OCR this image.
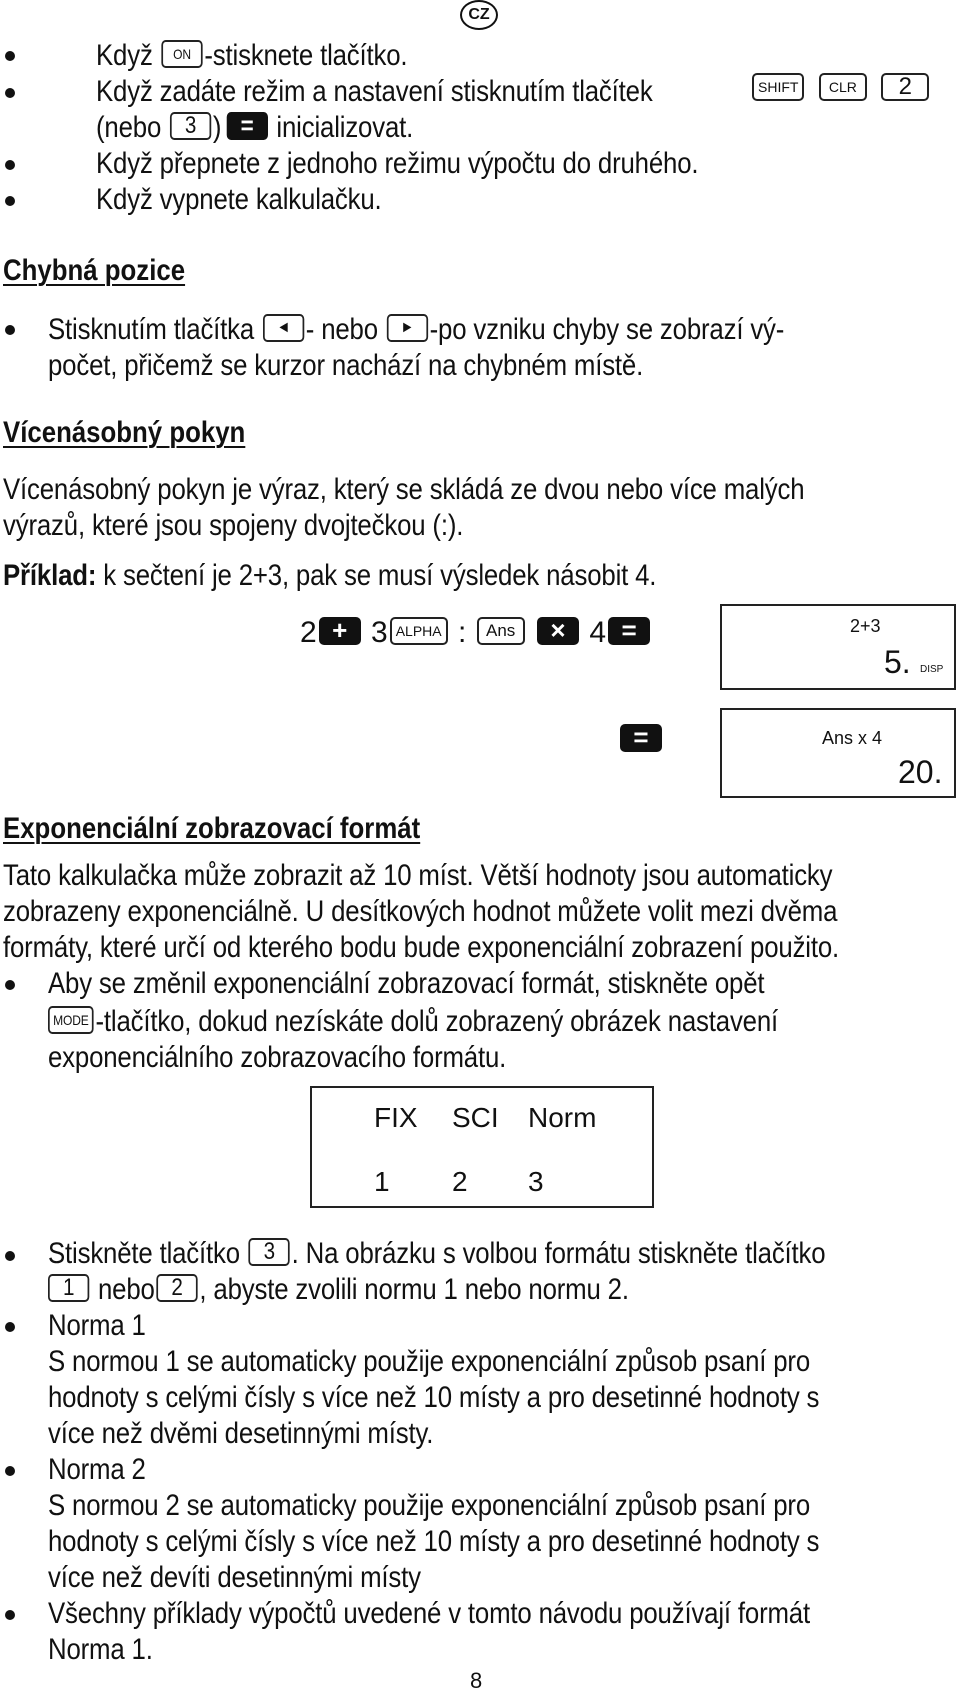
CZ
Když ON -stisknete tlačítko.
Když zadáte režim a nastavení stisknutím tlačítek	SHIFT CLR 2
(nebo 3 ) = inicializovat.
Když přepnete z jednoho režimu výpočtu do druhého.
Když vypnete kalkulačku.
Chybná pozice
Stisknutím tlačítka ◄ - nebo ► -po vzniku chyby se zobrazí vý-
počet, přičemž se kurzor nachází na chybném místě.
Vícenásobný pokyn
Vícenásobný pokyn je výraz, který se skládá ze dvou nebo více malých
výrazů, které jsou spojeny dvojtečkou (:).
Příklad: k sečtení je 2+3, pak se musí výsledek násobit 4.
2 + 3 ALPHA : Ans × 4 =	2+3
5. DISP
=	Ans x 4
20.
Exponenciální zobrazovací formát
Tato kalkulačka může zobrazit až 10 míst. Větší hodnoty jsou automaticky
zobrazeny exponenciálně. U desítkových hodnot můžete volit mezi dvěma
formáty, které určí od kterého bodu bude exponenciální zobrazení použito.
Aby se změnil exponenciální zobrazovací formát, stiskněte opět
MODE -tlačítko, dokud nezískáte dolů zobrazený obrázek nastavení
exponenciálního zobrazovacího formátu.
FIX SCI Norm
1 2 3
Stiskněte tlačítko 3 . Na obrázku s volbou formátu stiskněte tlačítko
1 nebo 2 , abyste zvolili normu 1 nebo normu 2.
Norma 1
S normou 1 se automaticky použije exponenciální způsob psaní pro
hodnoty s celými čísly s více než 10 místy a pro desetinné hodnoty s
více než dvěmi desetinnými místy.
Norma 2
S normou 2 se automaticky použije exponenciální způsob psaní pro
hodnoty s celými čísly s více než 10 místy a pro desetinné hodnoty s
více než devíti desetinnými místy
Všechny příklady výpočtů uvedené v tomto návodu používají formát
Norma 1.
8
